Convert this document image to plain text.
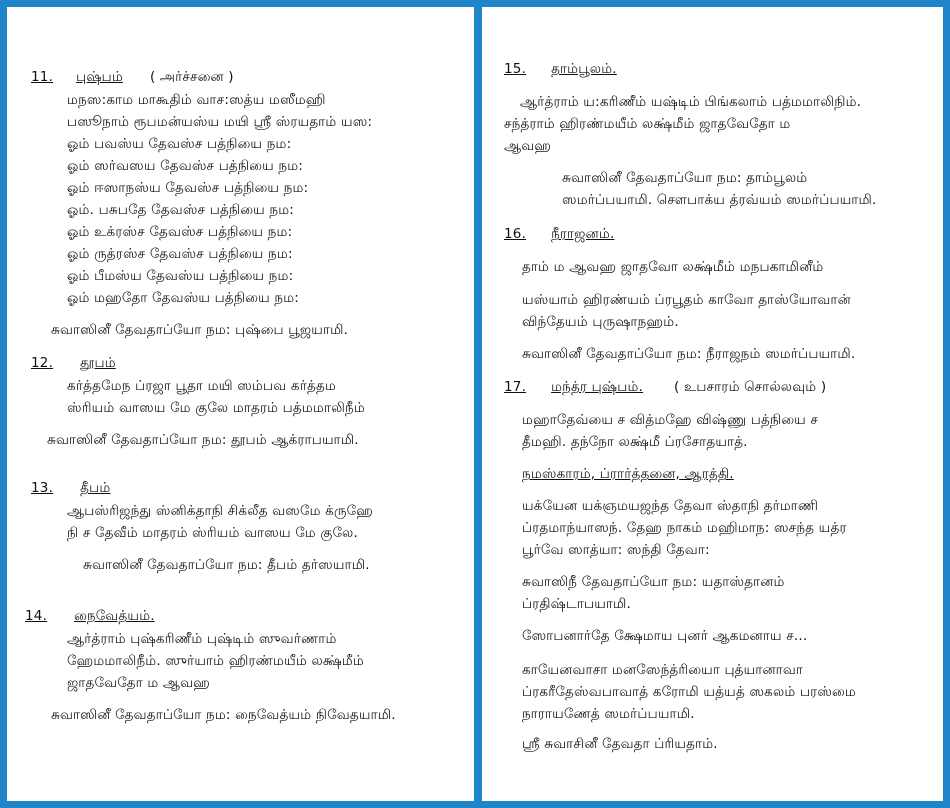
11. புஷ்பம் ( அர்ச்சனை )
மநஸ:காம மாகூதிம் வாச:ஸத்ய மஸீமஹி
பஸூநாம் ரூபமன்யஸ்ய மயி ஸ்ரீ ஸ்ரயதாம் யஸ:
ஓம் பவஸ்ய தேவஸ்ச பத்நியை நம:
ஓம் ஸர்வஸய தேவஸ்ச பத்நியை நம:
ஓம் ஈஸாநஸ்ய தேவஸ்ச பத்நியை நம:
ஓம். பசுபதே தேவஸ்ச பத்நியை நம:
ஓம் உக்ரஸ்ச தேவஸ்ச பத்நியை நம:
ஓம் ருத்ரஸ்ச தேவஸ்ச பத்நியை நம:
ஓம் பீமஸ்ய தேவஸ்ய பத்நியை நம:
ஓம் மஹதோ தேவஸ்ய பத்நியை நம:
சுவாஸினீ தேவதாப்யோ நம: புஷ்பை பூஜயாமி.
12. தூபம்
கர்த்தமேந ப்ரஜா பூதா மயி ஸம்பவ கர்த்தம
ஸ்ரியம் வாஸய மே குலே மாதரம் பத்மமாலிநீம்
சுவாஸினீ தேவதாப்யோ நம: தூபம் ஆக்ராபயாமி.
13. தீபம்
ஆபஸ்ரிஜந்து ஸ்னிக்தாநி சிக்லீத வஸமே க்ருஹே
நி ச தேவீம் மாதரம் ஸ்ரியம் வாஸய மே குலே.
சுவாஸினீ தேவதாப்யோ நம: தீபம் தர்ஸயாமி.
14. நைவேத்யம்.
ஆர்த்ராம் புஷ்கரிணீம் புஷ்டிம் ஸுவர்ணாம்
ஹேமமாலிநீம். ஸுர்யாம் ஹிரண்மயீம் லக்ஷ்மீம்
ஜாதவேதோ ம ஆவஹ
சுவாஸினீ தேவதாப்யோ நம: நைவேத்யம் நிவேதயாமி.
15. தாம்பூலம்.
ஆர்த்ராம் ய:கரிணீம் யஷ்டிம் பிங்கலாம் பத்மமாலிநிம்.
சந்த்ராம் ஹிரண்மயீம் லக்ஷ்மீம் ஜாதவேதோ ம
ஆவஹ
சுவாஸினீ தேவதாப்யோ நம: தாம்பூலம்
ஸமர்ப்பயாமி. சௌபாக்ய த்ரவ்யம் ஸமர்ப்பயாமி.
16. நீராஜனம்.
தாம் ம ஆவஹ ஜாதவோ லக்ஷ்மீம் மநபகாமினீம்
யஸ்யாம் ஹிரண்யம் ப்ரபூதம் காவோ தாஸ்யோவான்
விந்தேயம் புருஷாநஹம்.
சுவாஸினீ தேவதாப்யோ நம: நீராஜநம் ஸமர்ப்பயாமி.
17. மந்த்ர புஷ்பம். ( உபசாரம் சொல்லவும் )
மஹாதேவ்யை ச வித்மஹே விஷ்ணு பத்நியை ச
தீமஹி. தந்நோ லக்ஷ்மீ ப்ரசோதயாத்.
நமஸ்காரம், ப்ரார்த்தனை, ஆரத்தி.
யக்யேன யக்ஞமயஜந்த தேவா ஸ்தாநி தர்மாணி
ப்ரதமாந்யாஸந். தேஹ நாகம் மஹிமாந: ஸசந்த யத்ர
பூர்வே ஸாத்யா: ஸந்தி தேவா:
சுவாஸிநீ தேவதாப்யோ நம: யதாஸ்தானம்
ப்ரதிஷ்டாபயாமி.
ஸோபனார்தே க்ஷேமாய புனர் ஆகமனாய ச...
காயேனவாசா மனஸேந்த்ரியைா புத்யானாவா
ப்ரகரீதேஸ்வபாவாத் கரோமி யத்யத் ஸகலம் பரஸ்மை
நாராயணேத் ஸமர்ப்பயாமி.
ஸ்ரீ சுவாசினீ தேவதா ப்ரியதாம்.
